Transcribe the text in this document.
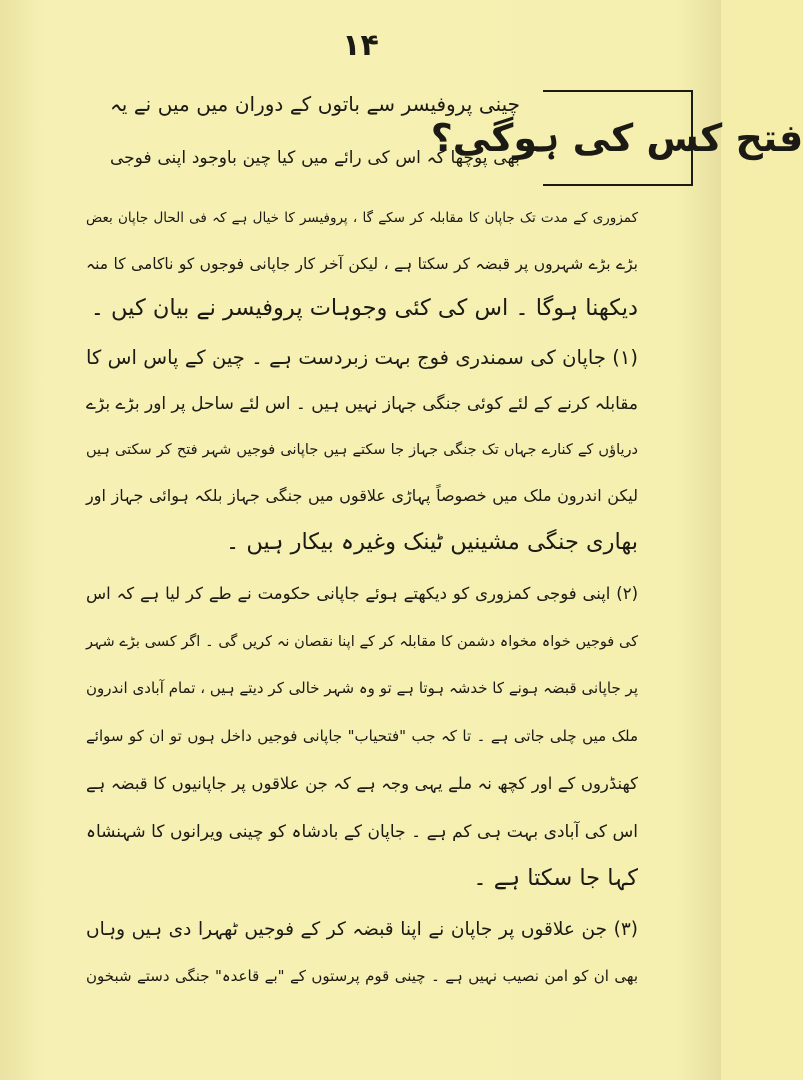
۱۴
فتح کس کی ہوگی؟
چینی پروفیسر سے باتوں کے دوران میں میں نے یہ
بھی پوچھا کہ اس کی رائے میں کیا چین باوجود اپنی فوجی
کمزوری کے مدت تک جاپان کا مقابلہ کر سکے گا ، پروفیسر کا خیال ہے کہ فی الحال جاپان بعض
بڑے بڑے شہروں پر قبضہ کر سکتا ہے ، لیکن آخر کار جاپانی فوجوں کو ناکامی کا منہ
دیکھنا ہوگا ۔ اس کی کئی وجوہات پروفیسر نے بیان کیں ۔
(۱) جاپان کی سمندری فوج بہت زبردست ہے ۔ چین کے پاس اس کا
مقابلہ کرنے کے لئے کوئی جنگی جہاز نہیں ہیں ۔ اس لئے ساحل پر اور بڑے بڑے
دریاؤں کے کنارے جہاں تک جنگی جہاز جا سکتے ہیں جاپانی فوجیں شہر فتح کر سکتی ہیں
لیکن اندرون ملک میں خصوصاً پہاڑی علاقوں میں جنگی جہاز بلکہ ہوائی جہاز اور
بھاری جنگی مشینیں ٹینک وغیرہ بیکار ہیں ۔
(۲) اپنی فوجی کمزوری کو دیکھتے ہوئے جاپانی حکومت نے طے کر لیا ہے کہ اس
کی فوجیں خواہ مخواہ دشمن کا مقابلہ کر کے اپنا نقصان نہ کریں گی ۔ اگر کسی بڑے شہر
پر جاپانی قبضہ ہونے کا خدشہ ہوتا ہے تو وہ شہر خالی کر دیتے ہیں ، تمام آبادی اندرون
ملک میں چلی جاتی ہے ۔ تا کہ جب "فتحیاب" جاپانی فوجیں داخل ہوں تو ان کو سوائے
کھنڈروں کے اور کچھ نہ ملے یہی وجہ ہے کہ جن علاقوں پر جاپانیوں کا قبضہ ہے
اس کی آبادی بہت ہی کم ہے ۔ جاپان کے بادشاہ کو چینی ویرانوں کا شہنشاہ
کہا جا سکتا ہے ۔
(۳) جن علاقوں پر جاپان نے اپنا قبضہ کر کے فوجیں ٹھہرا دی ہیں وہاں
بھی ان کو امن نصیب نہیں ہے ۔ چینی قوم پرستوں کے "بے قاعدہ" جنگی دستے شبخون
